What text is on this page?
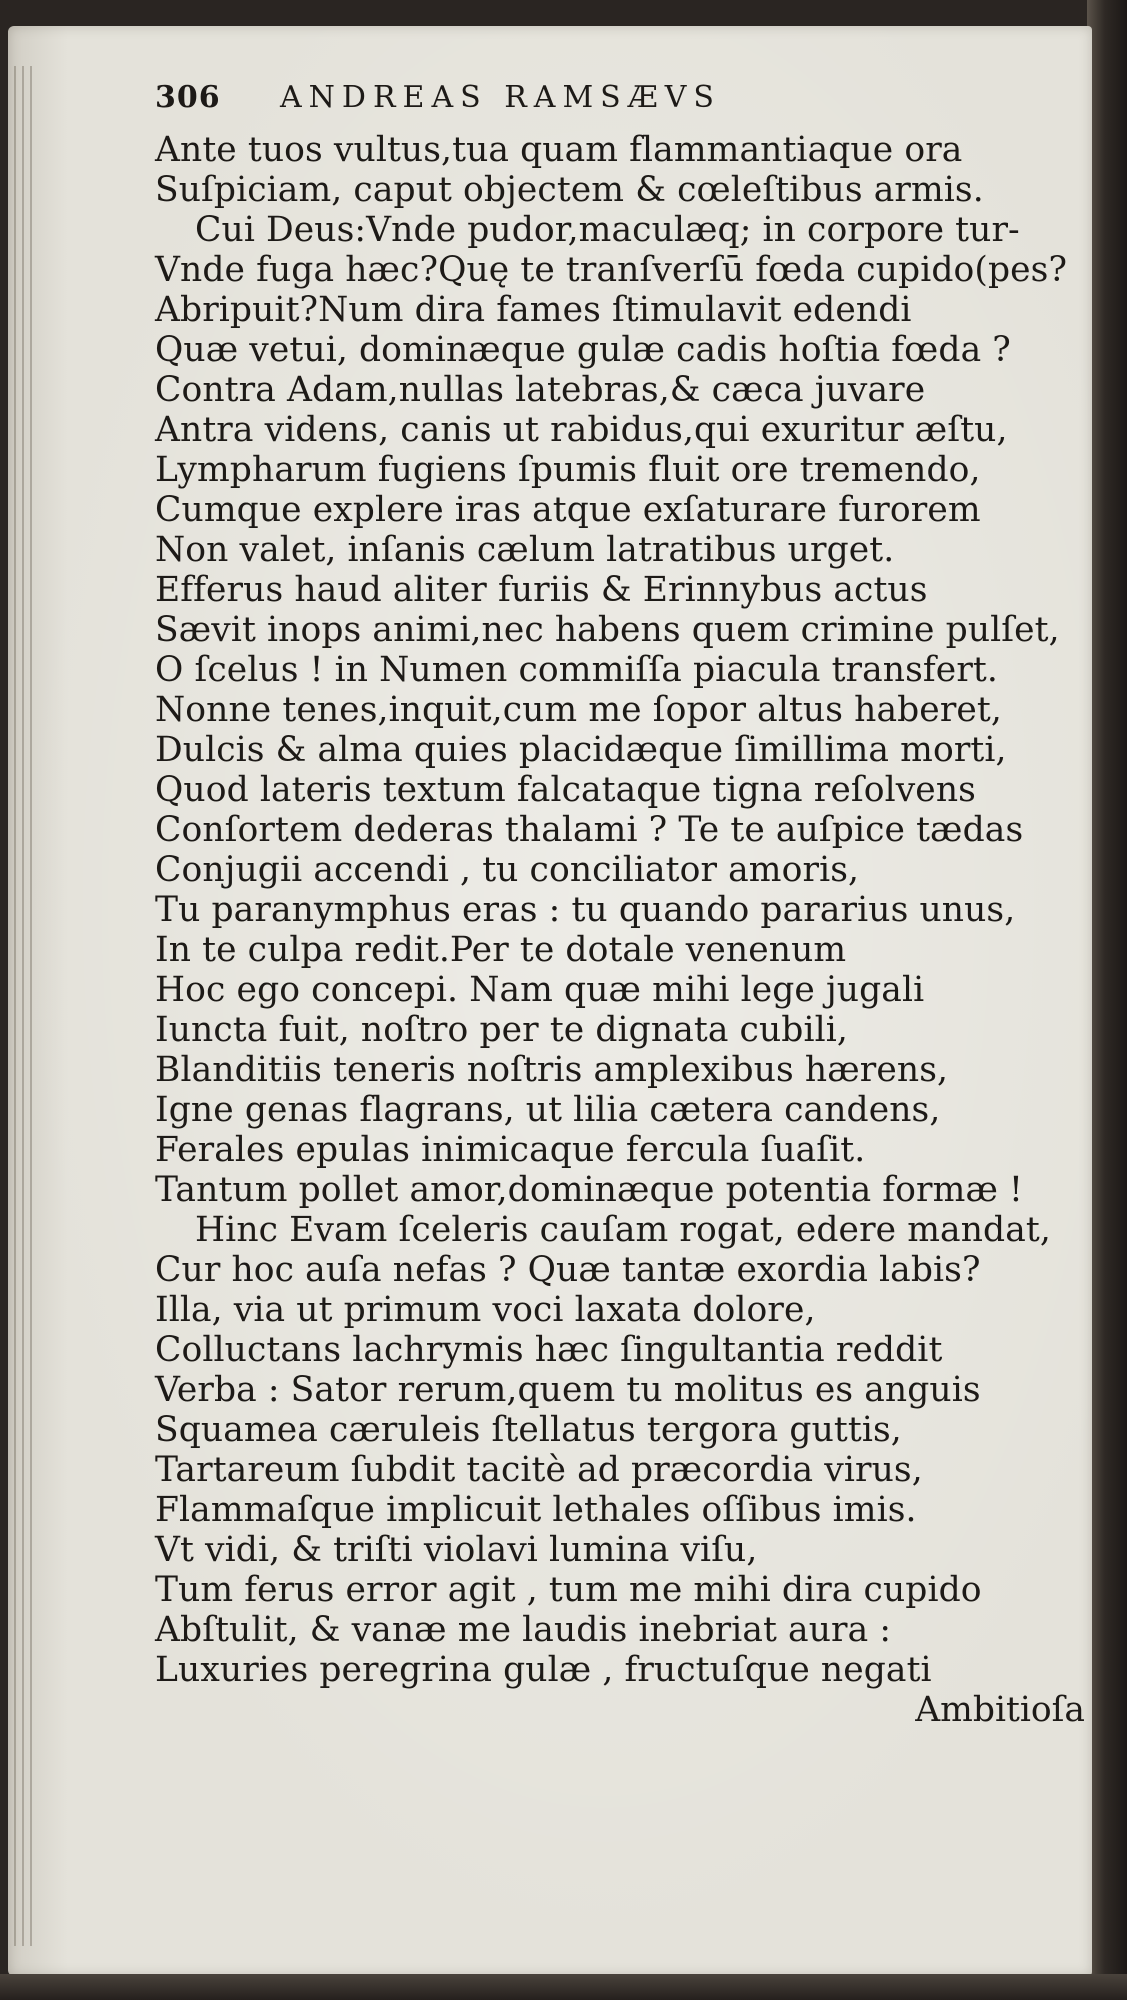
306 ANDREAS RAMSÆVS
Ante tuos vultus,tua quam flammantiaque ora
Suſpiciam, caput objectem & cœleſtibus armis.
Cui Deus:Vnde pudor,maculæq; in corpore tur-
Vnde fuga hæc?Quę te tranſverſū fœda cupido(pes?
Abripuit?Num dira fames ſtimulavit edendi
Quæ vetui, dominæque gulæ cadis hoſtia fœda ?
Contra Adam,nullas latebras,& cæca juvare
Antra videns, canis ut rabidus,qui exuritur æſtu,
Lympharum fugiens ſpumis fluit ore tremendo,
Cumque explere iras atque exſaturare furorem
Non valet, inſanis cælum latratibus urget.
Efferus haud aliter furiis & Erinnybus actus
Sævit inops animi,nec habens quem crimine pulſet,
O ſcelus ! in Numen commiſſa piacula transfert.
Nonne tenes,inquit,cum me ſopor altus haberet,
Dulcis & alma quies placidæque ſimillima morti,
Quod lateris textum falcataque tigna reſolvens
Conſortem dederas thalami ? Te te auſpice tædas
Conjugii accendi , tu conciliator amoris,
Tu paranymphus eras : tu quando pararius unus,
In te culpa redit.Per te dotale venenum
Hoc ego concepi. Nam quæ mihi lege jugali
Iuncta fuit, noſtro per te dignata cubili,
Blanditiis teneris noſtris amplexibus hærens,
Igne genas flagrans, ut lilia cætera candens,
Ferales epulas inimicaque fercula ſuaſit.
Tantum pollet amor,dominæque potentia formæ !
Hinc Evam ſceleris cauſam rogat, edere mandat,
Cur hoc auſa nefas ? Quæ tantæ exordia labis?
Illa, via ut primum voci laxata dolore,
Colluctans lachrymis hæc ſingultantia reddit
Verba : Sator rerum,quem tu molitus es anguis
Squamea cæruleis ſtellatus tergora guttis,
Tartareum ſubdit tacitè ad præcordia virus,
Flammaſque implicuit lethales oſſibus imis.
Vt vidi, & triſti violavi lumina viſu,
Tum ferus error agit , tum me mihi dira cupido
Abſtulit, & vanæ me laudis inebriat aura :
Luxuries peregrina gulæ , fructuſque negati
Ambitioſa
